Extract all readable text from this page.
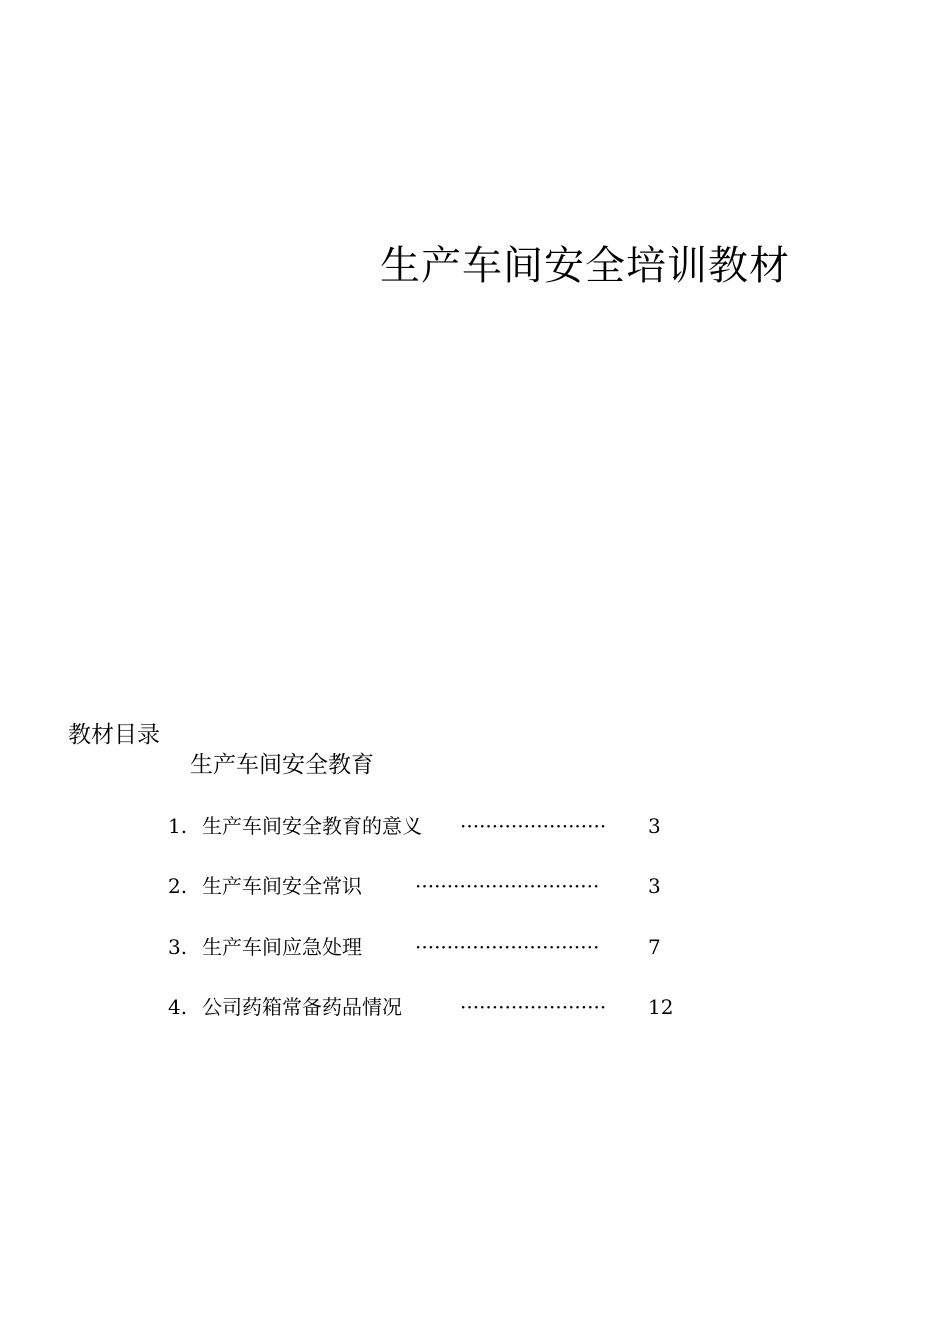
生产车间安全培训教材
教材目录
生产车间安全教育
1. 生产车间安全教育的意义 ······················· 3
2. 生产车间安全常识	····························· 3
3. 生产车间应急处理	····························· 7
4. 公司药箱常备药品情况	······················· 12
